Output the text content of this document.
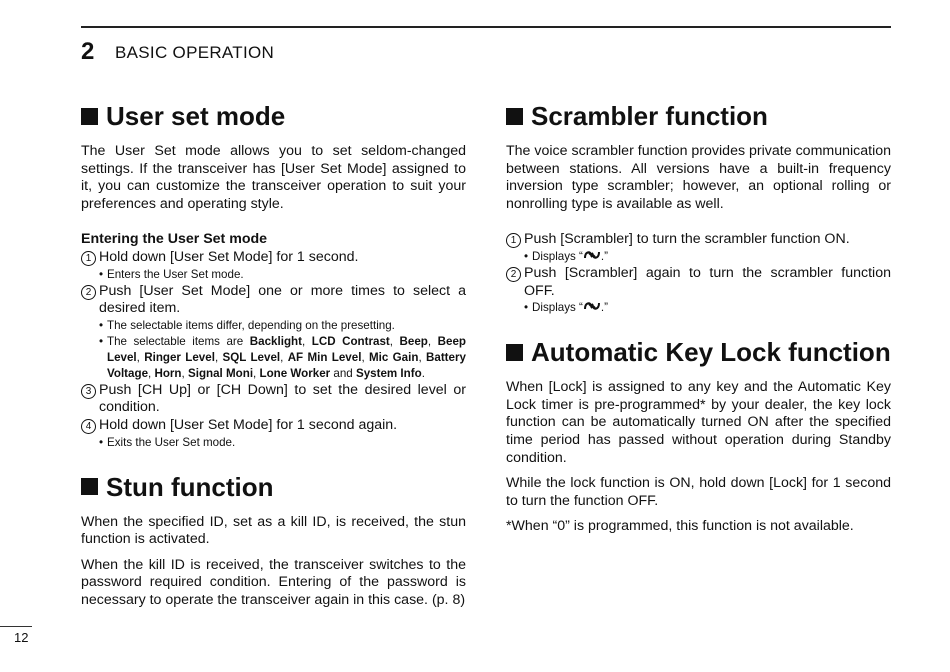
2 BASIC OPERATION
User set mode

The User Set mode allows you to set seldom-changed settings. If the transceiver has [User Set Mode] assigned to it, you can customize the transceiver operation to suit your preferences and operating style.

Entering the User Set mode
1 Hold down [User Set Mode] for 1 second.
• Enters the User Set mode.
2 Push [User Set Mode] one or more times to select a desired item.
• The selectable items differ, depending on the presetting.
• The selectable items are Backlight, LCD Contrast, Beep, Beep Level, Ringer Level, SQL Level, AF Min Level, Mic Gain, Battery Voltage, Horn, Signal Moni, Lone Worker and System Info.
3 Push [CH Up] or [CH Down] to set the desired level or condition.
4 Hold down [User Set Mode] for 1 second again.
• Exits the User Set mode.
Stun function

When the specified ID, set as a kill ID, is received, the stun function is activated.

When the kill ID is received, the transceiver switches to the password required condition. Entering of the password is necessary to operate the transceiver again in this case. (p. 8)

Scrambler function

The voice scrambler function provides private communication between stations. All versions have a built-in frequency inversion type scrambler; however, an optional rolling or nonrolling type is available as well.

1 Push [Scrambler] to turn the scrambler function ON.
• Displays “ .”
2 Push [Scrambler] again to turn the scrambler function OFF.
• Displays “ .”
Automatic Key Lock function

When [Lock] is assigned to any key and the Automatic Key Lock timer is pre-programmed* by your dealer, the key lock function can be automatically turned ON after the specified time period has passed without operation during Standby condition.

While the lock function is ON, hold down [Lock] for 1 second to turn the function OFF.

*When “0” is programmed, this function is not available.

12
